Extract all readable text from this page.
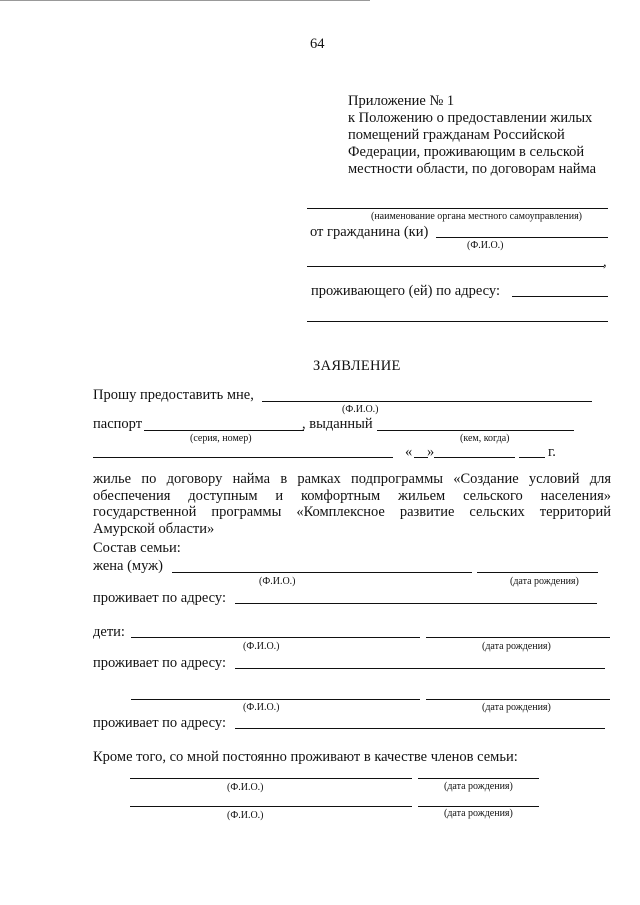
64
Приложение № 1
к Положению о предоставлении жилых
помещений гражданам Российской
Федерации, проживающим в сельской
местности области, по договорам найма
(наименование органа местного самоуправления)
от гражданина (ки)
(Ф.И.О.)
,
проживающего (ей) по адресу:
ЗАЯВЛЕНИЕ
Прошу предоставить мне,
(Ф.И.О.)
паспорт	, выданный
(серия, номер)	(кем, когда)
« »	г.
жилье по договору найма в рамках подпрограммы «Создание условий для
обеспечения доступным и комфортным жильем сельского населения»
государственной программы «Комплексное развитие сельских территорий
Амурской области»
Состав семьи:
жена (муж)
(Ф.И.О.)	(дата рождения)
проживает по адресу:
дети:
(Ф.И.О.)	(дата рождения)
проживает по адресу:
(Ф.И.О.)	(дата рождения)
проживает по адресу:
Кроме того, со мной постоянно проживают в качестве членов семьи:
(Ф.И.О.)	(дата рождения)
(Ф.И.О.)	(дата рождения)
